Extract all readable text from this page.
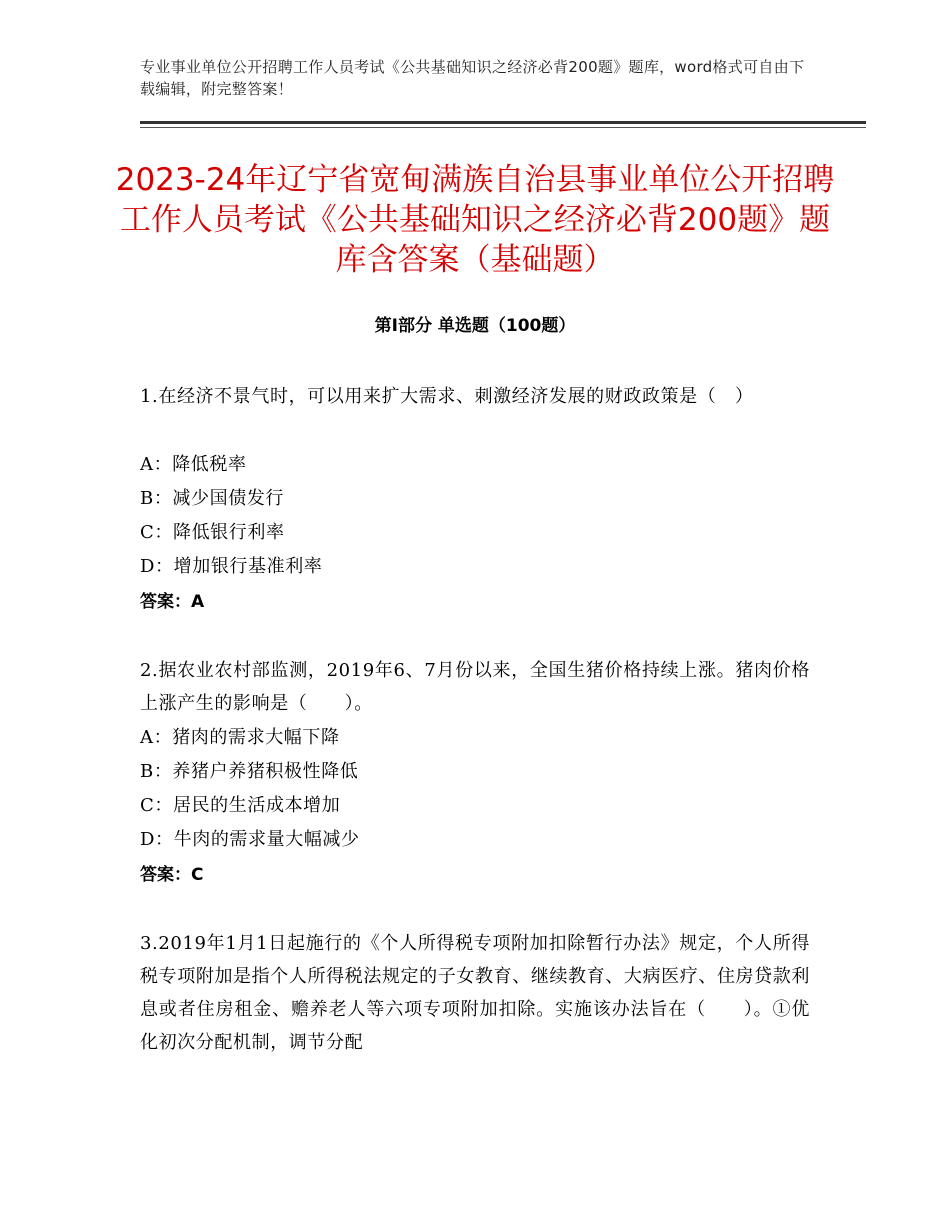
专业事业单位公开招聘工作人员考试《公共基础知识之经济必背200题》题库，word格式可自由下载编辑，附完整答案！
2023-24年辽宁省宽甸满族自治县事业单位公开招聘工作人员考试《公共基础知识之经济必背200题》题库含答案（基础题）
第Ⅰ部分 单选题（100题）
1.在经济不景气时，可以用来扩大需求、刺激经济发展的财政政策是（　）
A：降低税率
B：减少国债发行
C：降低银行利率
D：增加银行基准利率
答案：A
2.据农业农村部监测，2019年6、7月份以来，全国生猪价格持续上涨。猪肉价格上涨产生的影响是（　　）。
A：猪肉的需求大幅下降
B：养猪户养猪积极性降低
C：居民的生活成本增加
D：牛肉的需求量大幅减少
答案：C
3.2019年1月1日起施行的《个人所得税专项附加扣除暂行办法》规定，个人所得税专项附加是指个人所得税法规定的子女教育、继续教育、大病医疗、住房贷款利息或者住房租金、赡养老人等六项专项附加扣除。实施该办法旨在（　　）。①优化初次分配机制，调节分配
